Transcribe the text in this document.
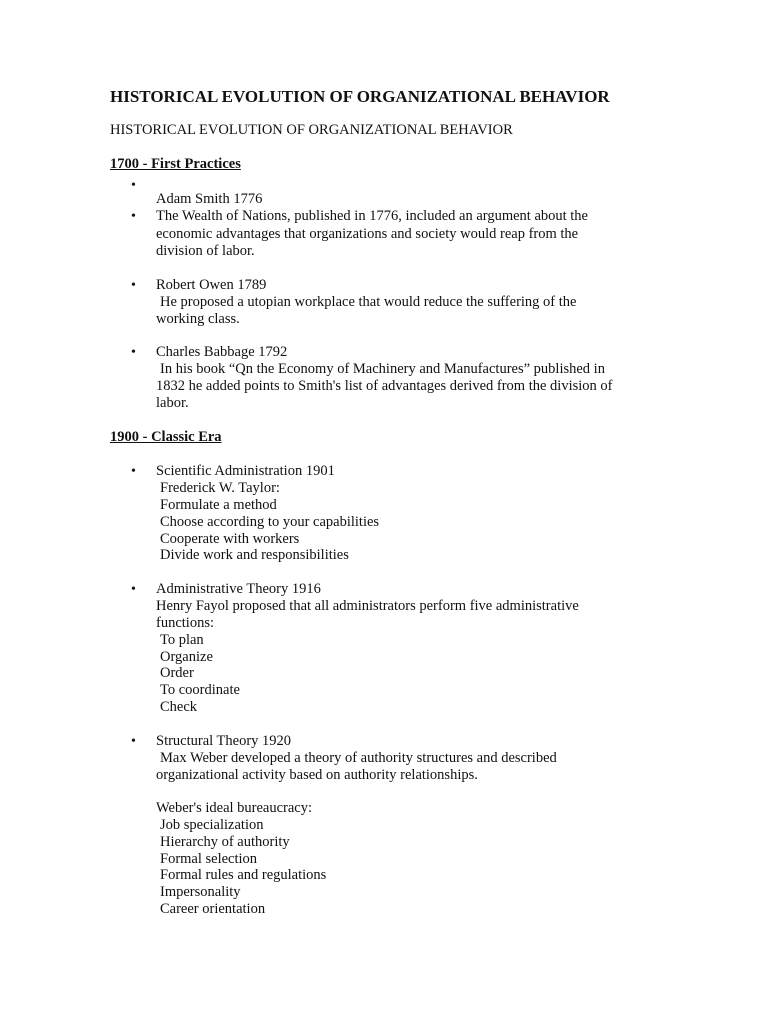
HISTORICAL EVOLUTION OF ORGANIZATIONAL BEHAVIOR
HISTORICAL EVOLUTION OF ORGANIZATIONAL BEHAVIOR
1700 - First Practices
•
Adam Smith 1776
• The Wealth of Nations, published in 1776, included an argument about the
economic advantages that organizations and society would reap from the
division of labor.
• Robert Owen 1789
He proposed a utopian workplace that would reduce the suffering of the
working class.
• Charles Babbage 1792
In his book “Qn the Economy of Machinery and Manufactures” published in
1832 he added points to Smith's list of advantages derived from the division of
labor.
1900 - Classic Era
• Scientific Administration 1901
Frederick W. Taylor:
Formulate a method
Choose according to your capabilities
Cooperate with workers
Divide work and responsibilities
• Administrative Theory 1916
Henry Fayol proposed that all administrators perform five administrative
functions:
To plan
Organize
Order
To coordinate
Check
• Structural Theory 1920
Max Weber developed a theory of authority structures and described
organizational activity based on authority relationships.
Weber's ideal bureaucracy:
Job specialization
Hierarchy of authority
Formal selection
Formal rules and regulations
Impersonality
Career orientation
